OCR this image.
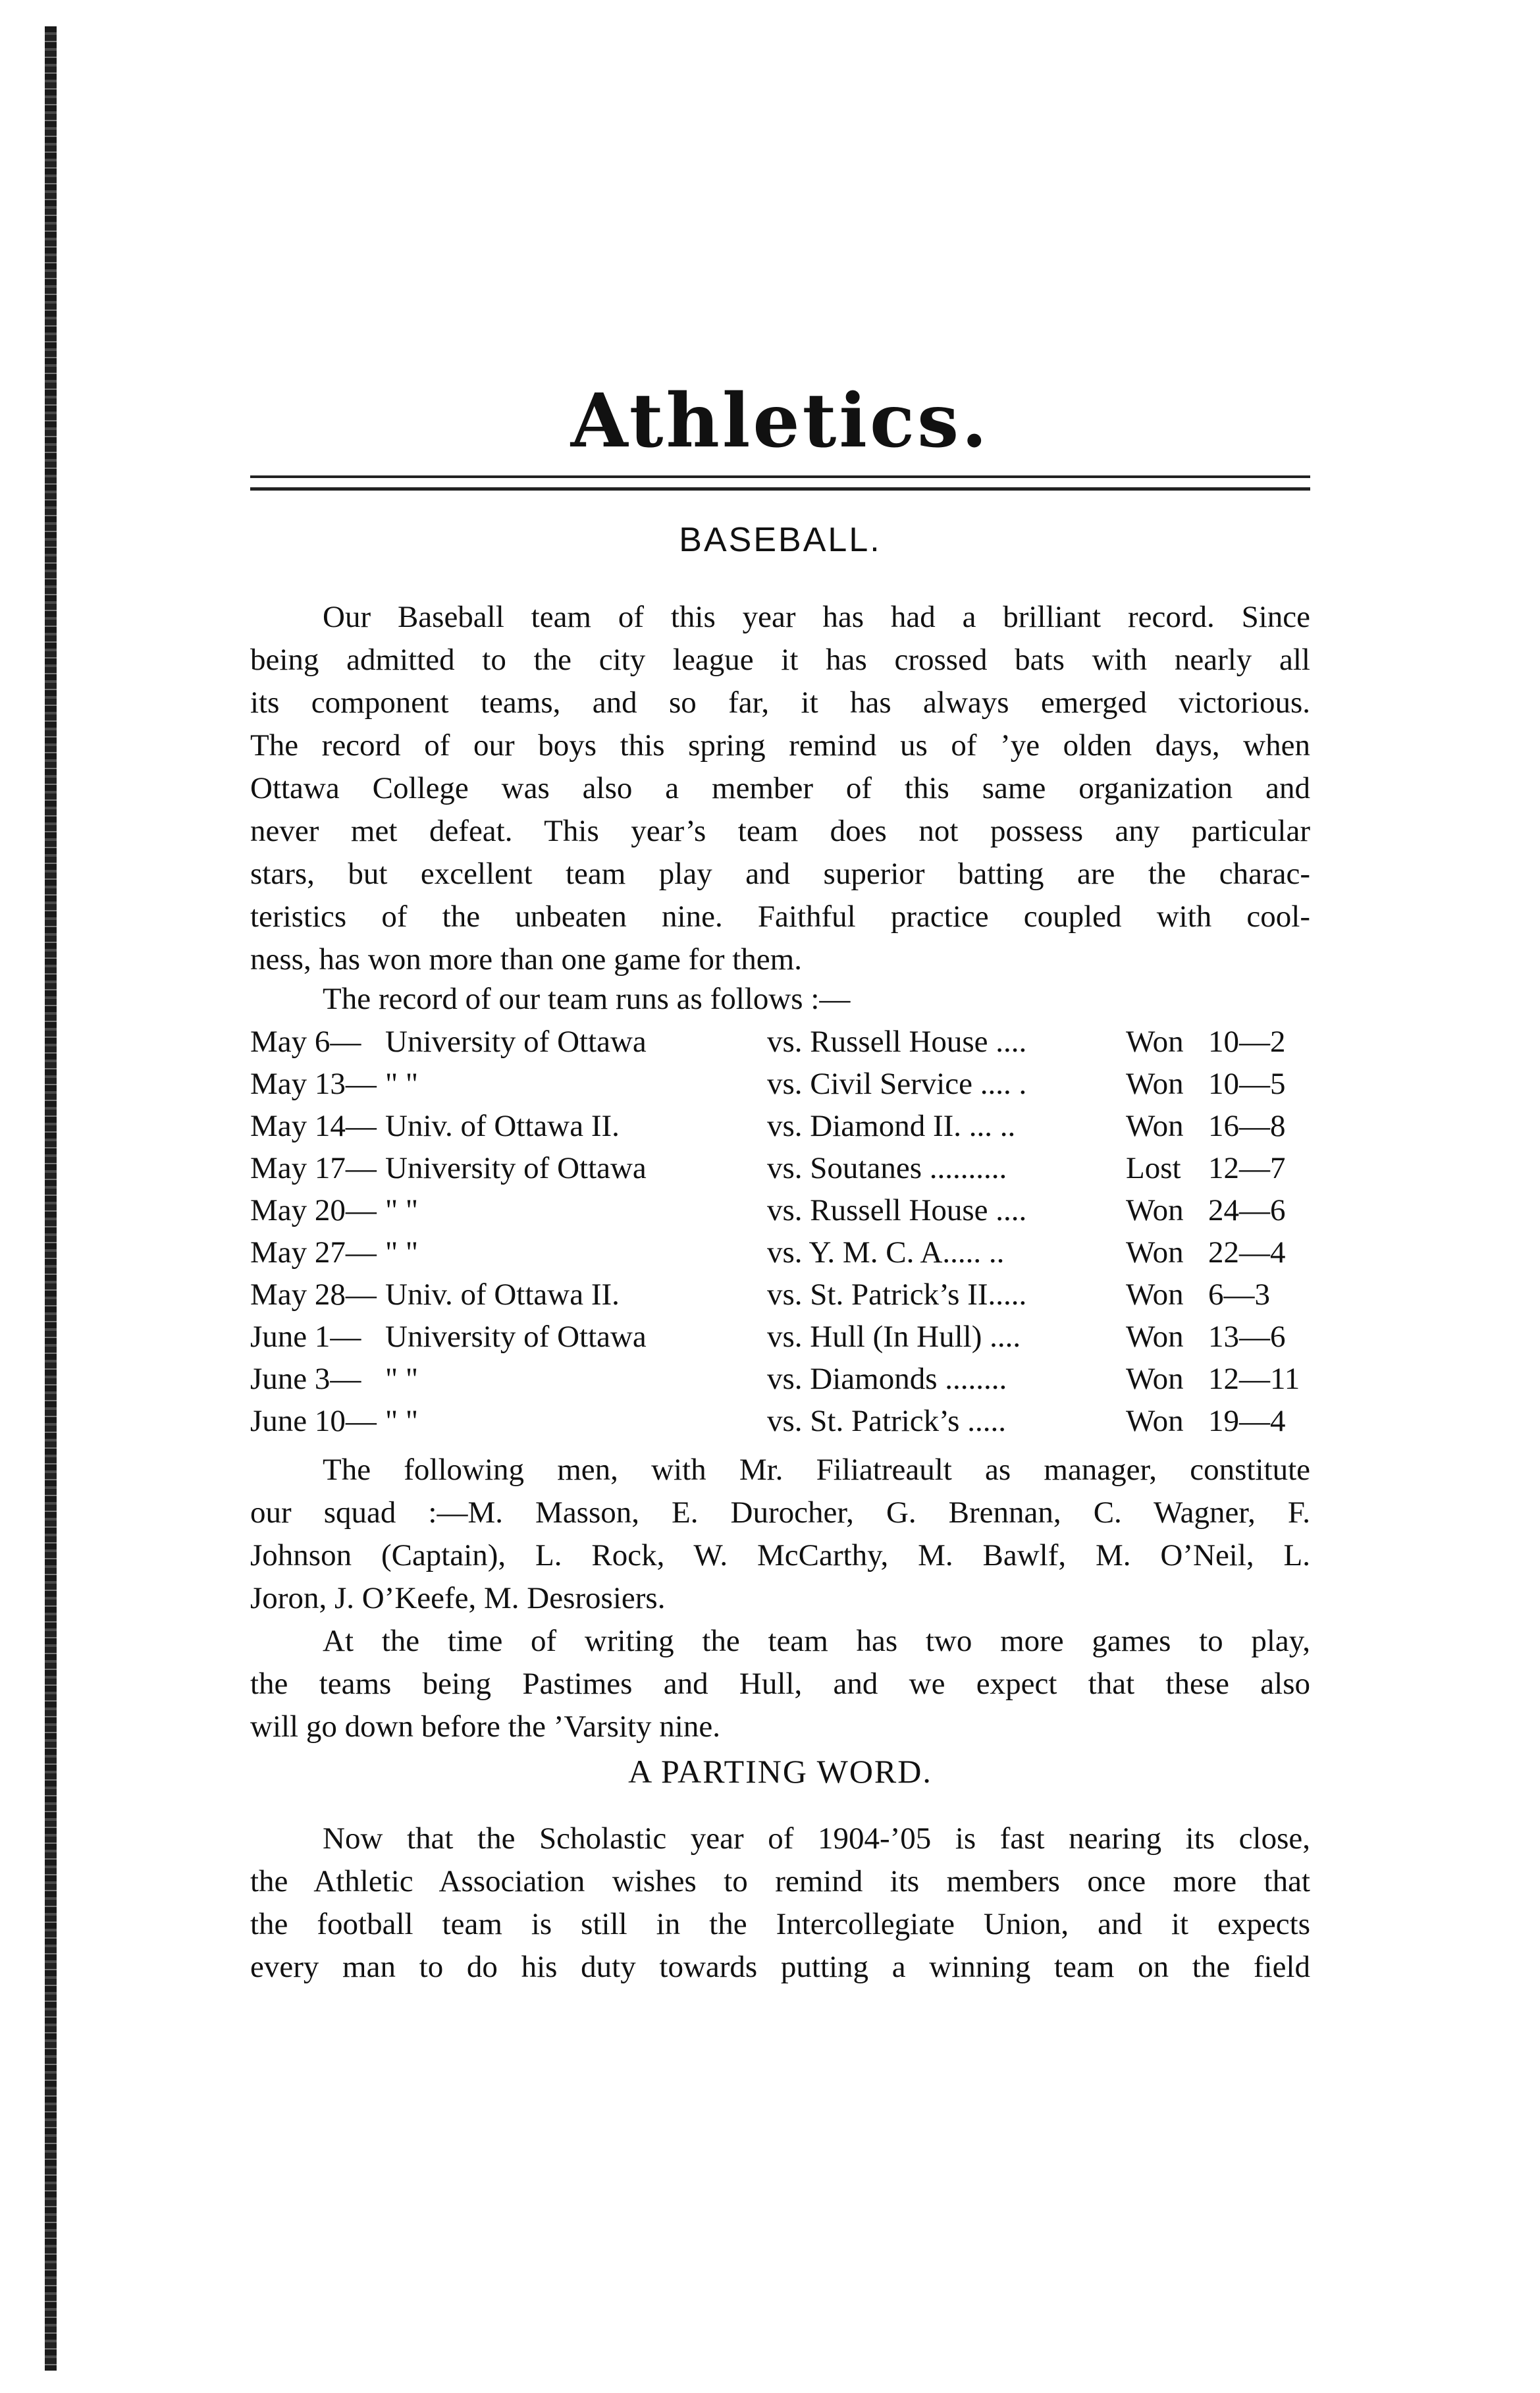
Athletics.
BASEBALL.
Our Baseball team of this year has had a brilliant record. Since
being admitted to the city league it has crossed bats with nearly all
its component teams, and so far, it has always emerged victorious.
The record of our boys this spring remind us of ’ye olden days, when
Ottawa College was also a member of this same organization and
never met defeat. This year’s team does not possess any particular
stars, but excellent team play and superior batting are the charac-
teristics of the unbeaten nine. Faithful practice coupled with cool-
ness, has won more than one game for them.
The record of our team runs as follows :—
May 6— University of Ottawa	vs. Russell House ....	Won 10—2
May 13— " "	vs. Civil Service .... .	Won 10—5
May 14— Univ. of Ottawa II.	vs. Diamond II. ... ..	Won 16—8
May 17— University of Ottawa	vs. Soutanes ..........	Lost 12—7
May 20— " "	vs. Russell House ....	Won 24—6
May 27— " "	vs. Y. M. C. A..... ..	Won 22—4
May 28— Univ. of Ottawa II.	vs. St. Patrick’s II.....	Won 6—3
June 1— University of Ottawa	vs. Hull (In Hull) ....	Won 13—6
June 3— " "	vs. Diamonds ........	Won 12—11
June 10— " "	vs. St. Patrick’s .....	Won 19—4
The following men, with Mr. Filiatreault as manager, constitute
our squad :—M. Masson, E. Durocher, G. Brennan, C. Wagner, F.
Johnson (Captain), L. Rock, W. McCarthy, M. Bawlf, M. O’Neil, L.
Joron, J. O’Keefe, M. Desrosiers.
At the time of writing the team has two more games to play,
the teams being Pastimes and Hull, and we expect that these also
will go down before the ’Varsity nine.
A PARTING WORD.
Now that the Scholastic year of 1904-’05 is fast nearing its close,
the Athletic Association wishes to remind its members once more that
the football team is still in the Intercollegiate Union, and it expects
every man to do his duty towards putting a winning team on the field
